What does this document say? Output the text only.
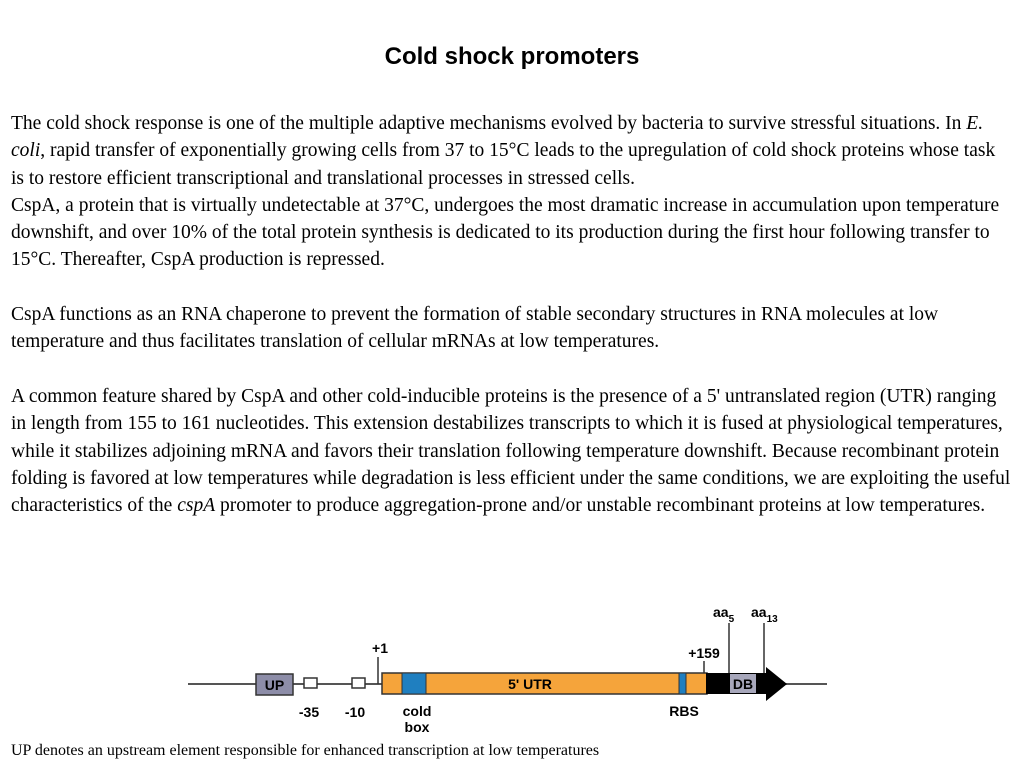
Cold shock promoters

The cold shock response is one of the multiple adaptive mechanisms evolved by bacteria to survive stressful situations. In E. coli, rapid transfer of exponentially growing cells from 37 to 15°C leads to the upregulation of cold shock proteins whose task is to restore efficient transcriptional and translational processes in stressed cells.

CspA, a protein that is virtually undetectable at 37°C, undergoes the most dramatic increase in accumulation upon temperature downshift, and over 10% of the total protein synthesis is dedicated to its production during the first hour following transfer to 15°C. Thereafter, CspA production is repressed.

CspA functions as an RNA chaperone to prevent the formation of stable secondary structures in RNA molecules at low temperature and thus facilitates translation of cellular mRNAs at low temperatures.

A common feature shared by CspA and other cold-inducible proteins is the presence of a 5' untranslated region (UTR) ranging in length from 155 to 161 nucleotides. This extension destabilizes transcripts to which it is fused at physiological temperatures, while it stabilizes adjoining mRNA and favors their translation following temperature downshift. Because recombinant protein folding is favored at low temperatures while degradation is less efficient under the same conditions, we are exploiting the useful characteristics of the cspA promoter to produce aggregation-prone and/or unstable recombinant proteins at low temperatures.

UP
-35 -10
+1
5' UTR
cold
box
RBS
+159
DB
$aa_5$ $aa_{13}$
UP denotes an upstream element responsible for enhanced transcription at low temperatures
